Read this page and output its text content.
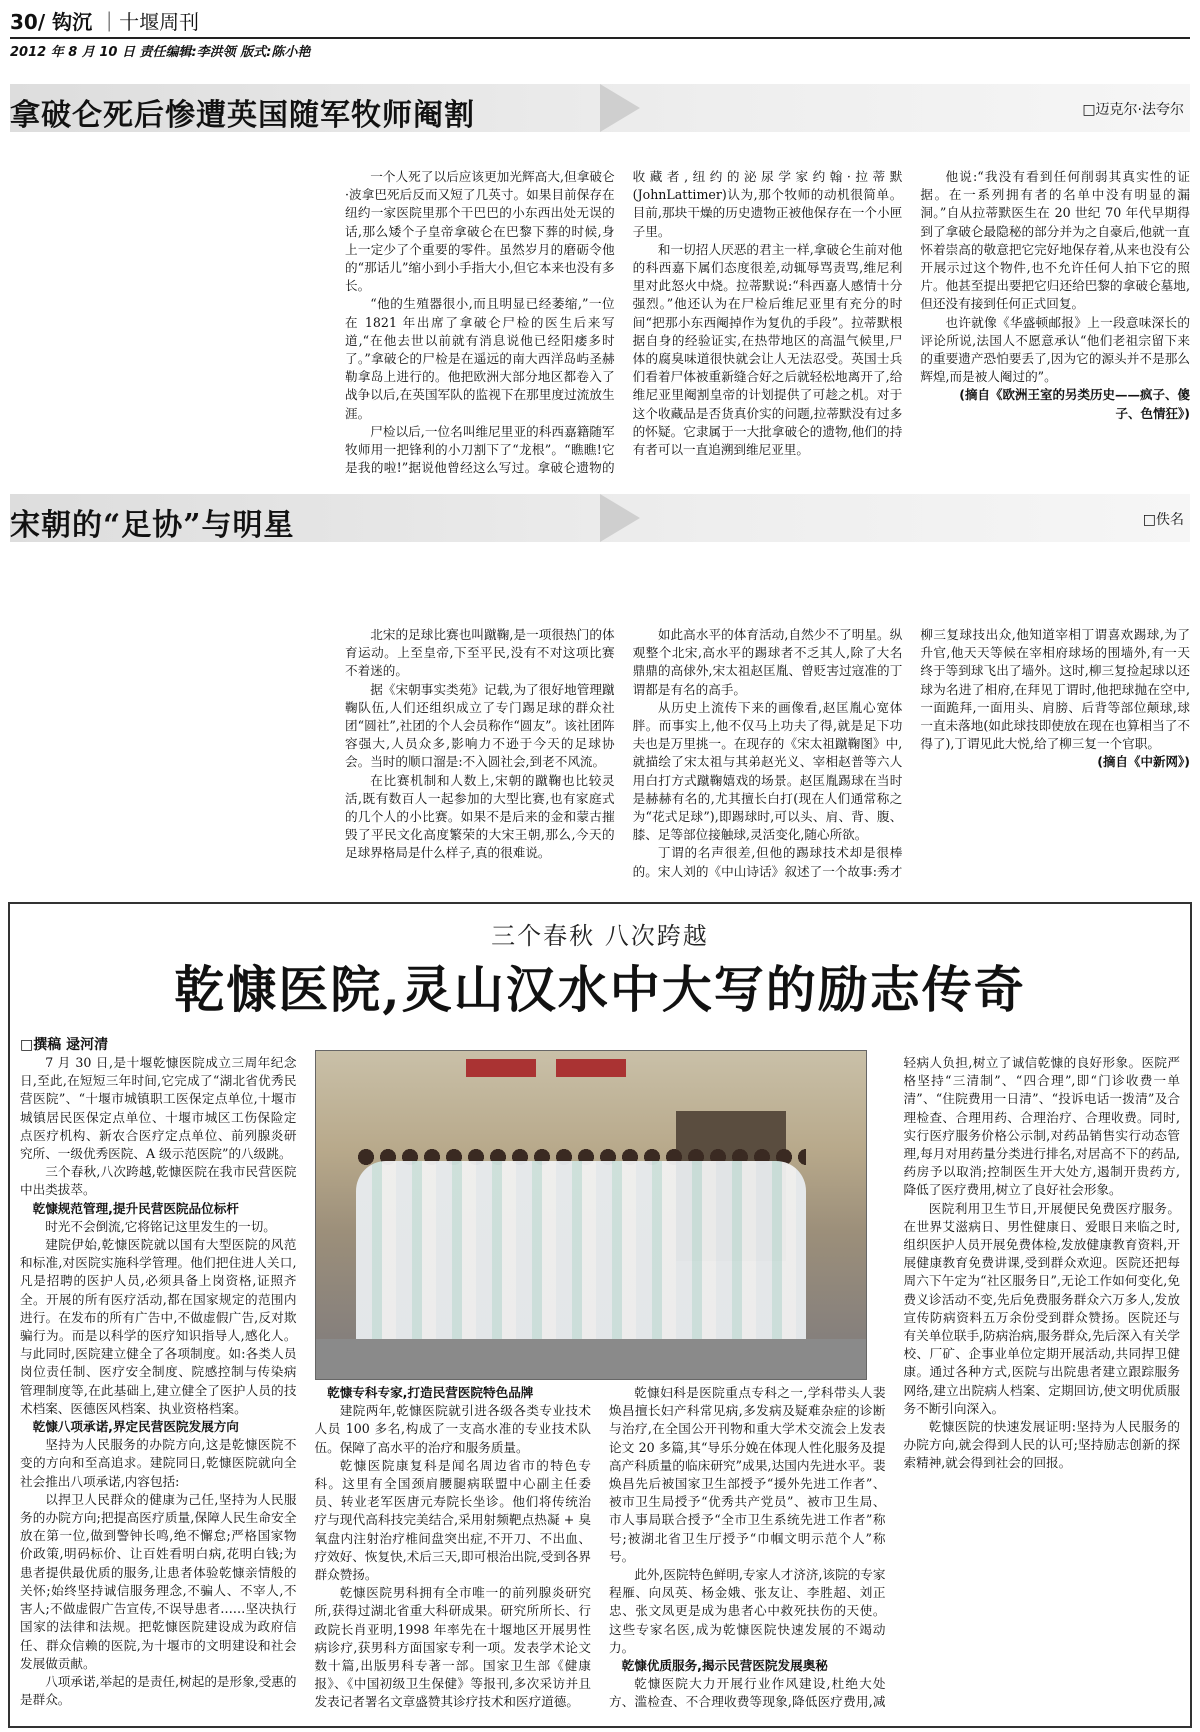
30/ 钩沉 ｜十堰周刊
2012 年 8 月 10 日 责任编辑:李洪领 版式:陈小艳
拿破仑死后惨遭英国随军牧师阉割	□迈克尔·法夸尔

一个人死了以后应该更加光辉高大,但拿破仑·波拿巴死后反而又短了几英寸。如果目前保存在纽约一家医院里那个干巴巴的小东西出处无误的话,那么矮个子皇帝拿破仑在巴黎下葬的时候,身上一定少了个重要的零件。虽然岁月的磨砺令他的“那话儿”缩小到小手指大小,但它本来也没有多长。

“他的生殖器很小,而且明显已经萎缩,”一位在 1821 年出席了拿破仑尸检的医生后来写道,“在他去世以前就有消息说他已经阳痿多时了。”拿破仑的尸检是在遥远的南大西洋岛屿圣赫勒拿岛上进行的。他把欧洲大部分地区都卷入了战争以后,在英国军队的监视下在那里度过流放生涯。

尸检以后,一位名叫维尼里亚的科西嘉籍随军牧师用一把锋利的小刀割下了“龙根”。“瞧瞧!它是我的啦!”据说他曾经这么写过。拿破仑遗物的收藏者,纽约的泌尿学家约翰·拉蒂默(JohnLattimer)认为,那个牧师的动机很简单。目前,那块干燥的历史遗物正被他保存在一个小匣子里。

和一切招人厌恶的君主一样,拿破仑生前对他的科西嘉下属们态度很差,动辄辱骂责骂,维尼利里对此怒火中烧。拉蒂默说:“科西嘉人感情十分强烈。”他还认为在尸检后维尼亚里有充分的时间“把那小东西阉掉作为复仇的手段”。拉蒂默根据自身的经验证实,在热带地区的高温气候里,尸体的腐臭味道很快就会让人无法忍受。英国士兵们看着尸体被重新缝合好之后就轻松地离开了,给维尼亚里阉割皇帝的计划提供了可趁之机。对于这个收藏品是否货真价实的问题,拉蒂默没有过多的怀疑。它隶属于一大批拿破仑的遗物,他们的持有者可以一直追溯到维尼亚里。

他说:“我没有看到任何削弱其真实性的证据。在一系列拥有者的名单中没有明显的漏洞。”自从拉蒂默医生在 20 世纪 70 年代早期得到了拿破仑最隐秘的部分并为之自豪后,他就一直怀着崇高的敬意把它完好地保存着,从来也没有公开展示过这个物件,也不允许任何人拍下它的照片。他甚至提出要把它归还给巴黎的拿破仑墓地,但还没有接到任何正式回复。

也许就像《华盛顿邮报》上一段意味深长的评论所说,法国人不愿意承认“他们老祖宗留下来的重要遗产恐怕要丢了,因为它的源头并不是那么辉煌,而是被人阉过的”。

(摘自《欧洲王室的另类历史——疯子、傻子、色情狂》)

宋朝的“足协”与明星	□佚名

北宋的足球比赛也叫蹴鞠,是一项很热门的体育运动。上至皇帝,下至平民,没有不对这项比赛不着迷的。

据《宋朝事实类苑》记载,为了很好地管理蹴鞠队伍,人们还组织成立了专门踢足球的群众社团“圆社”,社团的个人会员称作“圆友”。该社团阵容强大,人员众多,影响力不逊于今天的足球协会。当时的顺口溜是:不入圆社会,到老不风流。

在比赛机制和人数上,宋朝的蹴鞠也比较灵活,既有数百人一起参加的大型比赛,也有家庭式的几个人的小比赛。如果不是后来的金和蒙古摧毁了平民文化高度繁荣的大宋王朝,那么,今天的足球界格局是什么样子,真的很难说。

如此高水平的体育活动,自然少不了明星。纵观整个北宋,高水平的踢球者不乏其人,除了大名鼎鼎的高俅外,宋太祖赵匡胤、曾贬害过寇准的丁谓都是有名的高手。

从历史上流传下来的画像看,赵匡胤心宽体胖。而事实上,他不仅马上功夫了得,就是足下功夫也是万里挑一。在现存的《宋太祖蹴鞠图》中,就描绘了宋太祖与其弟赵光义、宰相赵普等六人用白打方式蹴鞠嬉戏的场景。赵匡胤踢球在当时是赫赫有名的,尤其擅长白打(现在人们通常称之为“花式足球”),即踢球时,可以头、肩、背、腹、膝、足等部位接触球,灵活变化,随心所欲。

丁谓的名声很差,但他的踢球技术却是很棒的。宋人刘的《中山诗话》叙述了一个故事:秀才柳三复球技出众,他知道宰相丁谓喜欢踢球,为了升官,他天天等候在宰相府球场的围墙外,有一天终于等到球飞出了墙外。这时,柳三复捡起球以还球为名进了相府,在拜见丁谓时,他把球抛在空中,一面跪拜,一面用头、肩膀、后背等部位颠球,球一直未落地(如此球技即使放在现在也算相当了不得了),丁谓见此大悦,给了柳三复一个官职。

(摘自《中新网》)

三个春秋 八次跨越
乾慷医院,灵山汉水中大写的励志传奇
□撰稿 逯河清

7 月 30 日,是十堰乾慷医院成立三周年纪念日,至此,在短短三年时间,它完成了“湖北省优秀民营医院”、“十堰市城镇职工医保定点单位,十堰市城镇居民医保定点单位、十堰市城区工伤保险定点医疗机构、新农合医疗定点单位、前列腺炎研究所、一级优秀医院、A 级示范医院”的八级跳。

三个春秋,八次跨越,乾慷医院在我市民营医院中出类拔萃。

乾慷规范管理,提升民营医院品位标杆

时光不会倒流,它将铭记这里发生的一切。

建院伊始,乾慷医院就以国有大型医院的风范和标准,对医院实施科学管理。他们把住进人关口,凡是招聘的医护人员,必须具备上岗资格,证照齐全。开展的所有医疗活动,都在国家规定的范围内进行。在发布的所有广告中,不做虚假广告,反对欺骗行为。而是以科学的医疗知识指导人,感化人。与此同时,医院建立健全了各项制度。如:各类人员岗位责任制、医疗安全制度、院感控制与传染病管理制度等,在此基础上,建立健全了医护人员的技术档案、医德医风档案、执业资格档案。

乾慷八项承诺,界定民营医院发展方向

坚持为人民服务的办院方向,这是乾慷医院不变的方向和至高追求。建院同日,乾慷医院就向全社会推出八项承诺,内容包括:

以捍卫人民群众的健康为己任,坚持为人民服务的办院方向;把提高医疗质量,保障人民生命安全放在第一位,做到警钟长鸣,绝不懈怠;严格国家物价政策,明码标价、让百姓看明白病,花明白钱;为患者提供最优质的服务,让患者体验乾慷亲情般的关怀;始终坚持诚信服务理念,不骗人、不宰人,不害人;不做虚假广告宣传,不误导患者……坚决执行国家的法律和法规。把乾慷医院建设成为政府信任、群众信赖的医院,为十堰市的文明建设和社会发展做贡献。

八项承诺,举起的是责任,树起的是形象,受惠的是群众。

乾慷专科专家,打造民营医院特色品牌

建院两年,乾慷医院就引进各级各类专业技术人员 100 多名,构成了一支高水准的专业技术队伍。保障了高水平的治疗和服务质量。

乾慷医院康复科是闻名周边省市的特色专科。这里有全国颈肩腰腿病联盟中心副主任委员、转业老军医唐元寿院长坐诊。他们将传统治疗与现代高科技完美结合,采用射频靶点热凝 + 臭氧盘内注射治疗椎间盘突出症,不开刀、不出血、疗效好、恢复快,术后三天,即可根治出院,受到各界群众赞扬。

乾慷医院男科拥有全市唯一的前列腺炎研究所,获得过湖北省重大科研成果。研究所所长、行政院长肖亚明,1998 年率先在十堰地区开展男性病诊疗,获男科方面国家专利一项。发表学术论文数十篇,出版男科专著一部。国家卫生部《健康报》、《中国初级卫生保健》等报刊,多次采访并且发表记者署名文章盛赞其诊疗技术和医疗道德。

乾慷妇科是医院重点专科之一,学科带头人裴焕昌擅长妇产科常见病,多发病及疑难杂症的诊断与治疗,在全国公开刊物和重大学术交流会上发表论文 20 多篇,其“导乐分娩在体现人性化服务及提高产科质量的临床研究”成果,达国内先进水平。裴焕昌先后被国家卫生部授予“援外先进工作者”、被市卫生局授予“优秀共产党员”、被市卫生局、市人事局联合授予“全市卫生系统先进工作者”称号;被湖北省卫生厅授予“巾帼文明示范个人”称号。

此外,医院特色鲜明,专家人才济济,该院的专家程雁、向凤英、杨金娥、张友让、李胜超、刘正忠、张文凤更是成为患者心中救死扶伤的天使。这些专家名医,成为乾慷医院快速发展的不竭动力。

乾慷优质服务,揭示民营医院发展奥秘

乾慷医院大力开展行业作风建设,杜绝大处方、滥检查、不合理收费等现象,降低医疗费用,减轻病人负担,树立了诚信乾慷的良好形象。医院严格坚持“三清制”、“四合理”,即“门诊收费一单清”、“住院费用一日清”、“投诉电话一拨清”及合理检查、合理用药、合理治疗、合理收费。同时,实行医疗服务价格公示制,对药品销售实行动态管理,每月对用药量分类进行排名,对居高不下的药品,药房予以取消;控制医生开大处方,遏制开贵药方,降低了医疗费用,树立了良好社会形象。

医院利用卫生节日,开展便民免费医疗服务。在世界艾滋病日、男性健康日、爱眼日来临之时,组织医护人员开展免费体检,发放健康教育资料,开展健康教育免费讲课,受到群众欢迎。医院还把每周六下午定为“社区服务日”,无论工作如何变化,免费义诊活动不变,先后免费服务群众六万多人,发放宣传防病资料五万余份受到群众赞扬。医院还与有关单位联手,防病治病,服务群众,先后深入有关学校、厂矿、企事业单位定期开展活动,共同捍卫健康。通过各种方式,医院与出院患者建立跟踪服务网络,建立出院病人档案、定期回访,使文明优质服务不断引向深入。

乾慷医院的快速发展证明:坚持为人民服务的办院方向,就会得到人民的认可;坚持励志创新的探索精神,就会得到社会的回报。
